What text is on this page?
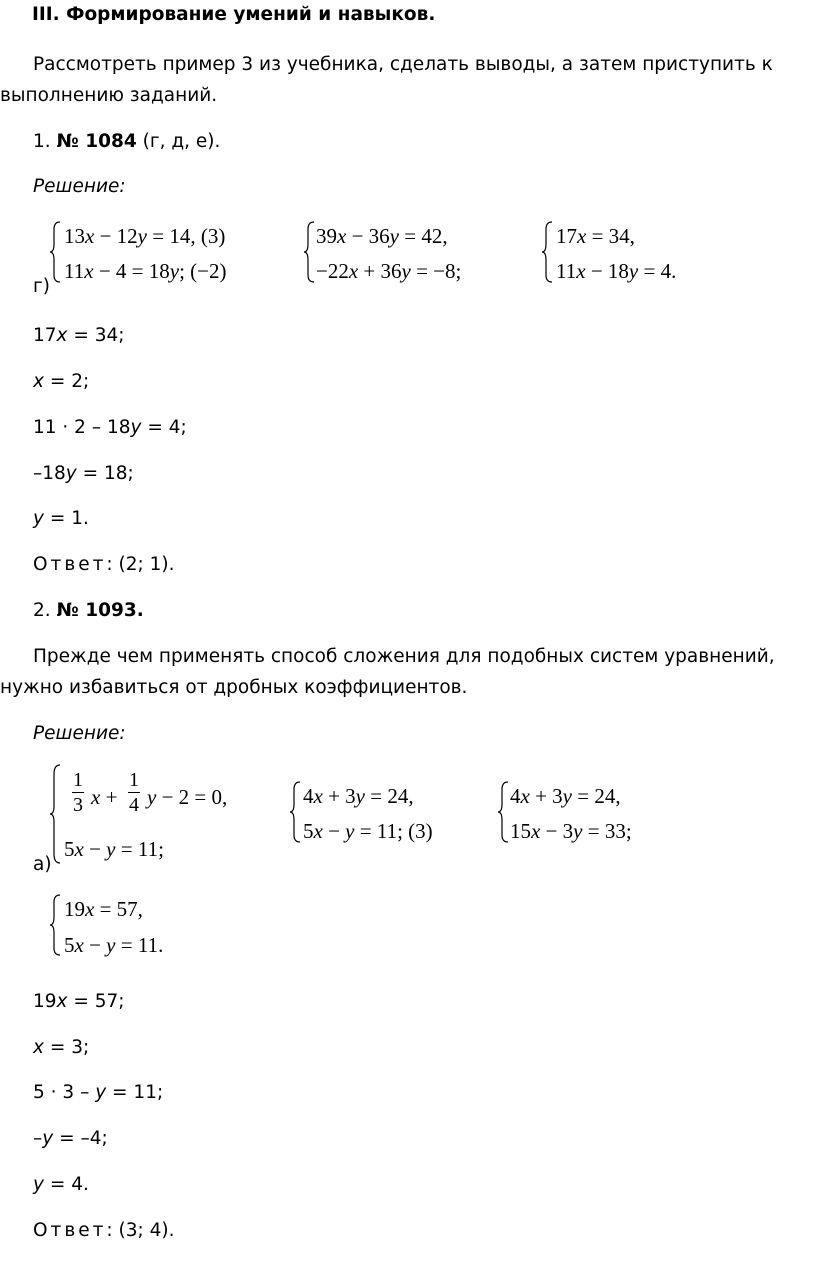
III. Формирование умений и навыков.
Рассмотреть пример 3 из учебника, сделать выводы, а затем приступить к
выполнению заданий.
1. № 1084 (г, д, е).
Решение:
13x − 12y = 14, (3)
11x − 4 = 18y; (−2)
39x − 36y = 42,
−22x + 36y = −8;
17x = 34,
11x − 18y = 4.
г)
17x = 34;
x = 2;
11 · 2 – 18y = 4;
–18y = 18;
y = 1.
Ответ: (2; 1).
2. № 1093.
Прежде чем применять способ сложения для подобных систем уравнений,
нужно избавиться от дробных коэффициентов.
Решение:
1
3 x +
1
4 y − 2 = 0,
5x − y = 11;
4x + 3y = 24,
5x − y = 11; (3)
4x + 3y = 24,
15x − 3y = 33;
а)
19x = 57,
5x − y = 11.
19x = 57;
x = 3;
5 · 3 – y = 11;
–y = –4;
y = 4.
Ответ: (3; 4).
